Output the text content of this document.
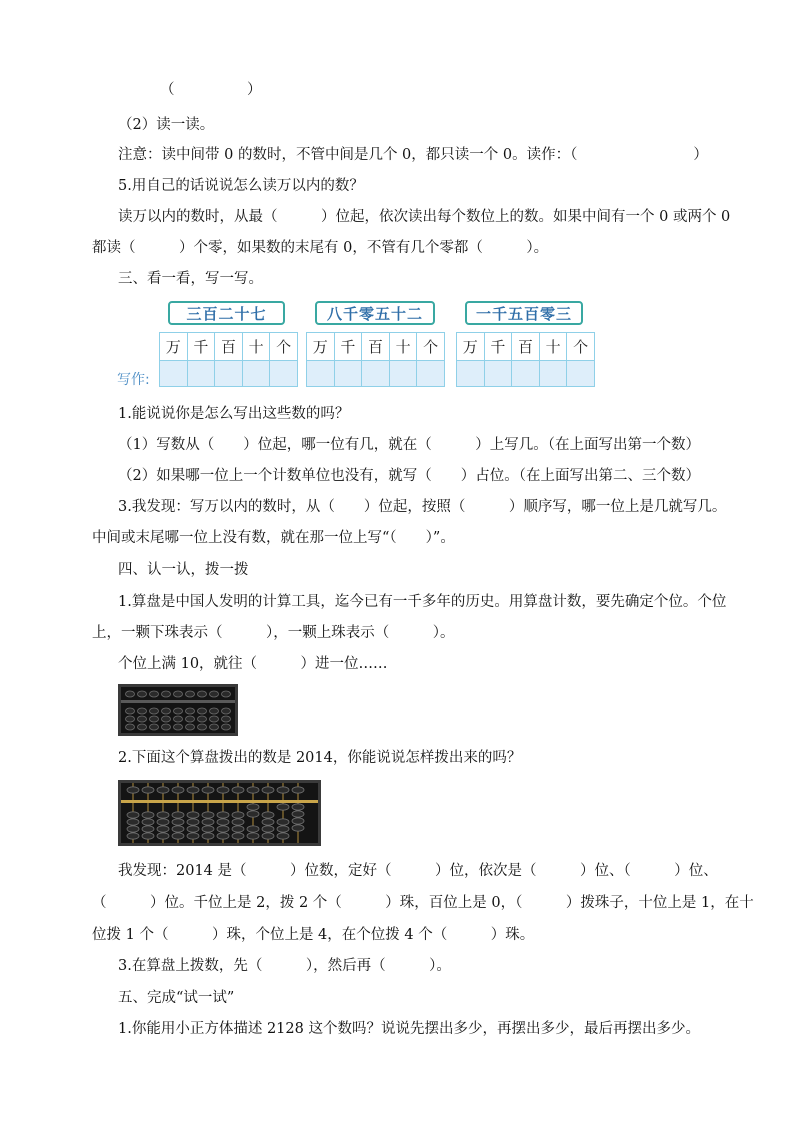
（　　　　　）
（2）读一读。
注意：读中间带 0 的数时，不管中间是几个 0，都只读一个 0。读作：（　　　　　　　　）
5.用自己的话说说怎么读万以内的数？
读万以内的数时，从最（　　　）位起，依次读出每个数位上的数。如果中间有一个 0 或两个 0
都读（　　　）个零，如果数的末尾有 0，不管有几个零都（　　　）。
三、看一看，写一写。
三百二十七	八千零五十二	一千五百零三
万	千	百	十	个
				万	千	百	十	个
				万	千	百	十	个

写作:
1.能说说你是怎么写出这些数的吗？
（1）写数从（　　）位起，哪一位有几，就在（　　　）上写几。（在上面写出第一个数）
（2）如果哪一位上一个计数单位也没有，就写（　　）占位。（在上面写出第二、三个数）
3.我发现：写万以内的数时，从（　　）位起，按照（　　　）顺序写，哪一位上是几就写几。
中间或末尾哪一位上没有数，就在那一位上写“（　　）”。
四、认一认，拨一拨
1.算盘是中国人发明的计算工具，迄今已有一千多年的历史。用算盘计数，要先确定个位。个位
上，一颗下珠表示（　　　），一颗上珠表示（　　　）。
个位上满 10，就往（　　　）进一位……
2.下面这个算盘拨出的数是 2014，你能说说怎样拨出来的吗？
我发现：2014 是（　　　）位数，定好（　　　）位，依次是（　　　）位、（　　　）位、
（　　　）位。千位上是 2，拨 2 个（　　　）珠，百位上是 0，（　　　）拨珠子，十位上是 1，在十
位拨 1 个（　　　）珠，个位上是 4，在个位拨 4 个（　　　）珠。
3.在算盘上拨数，先（　　　），然后再（　　　）。
五、完成“试一试”
1.你能用小正方体描述 2128 这个数吗？说说先摆出多少，再摆出多少，最后再摆出多少。
